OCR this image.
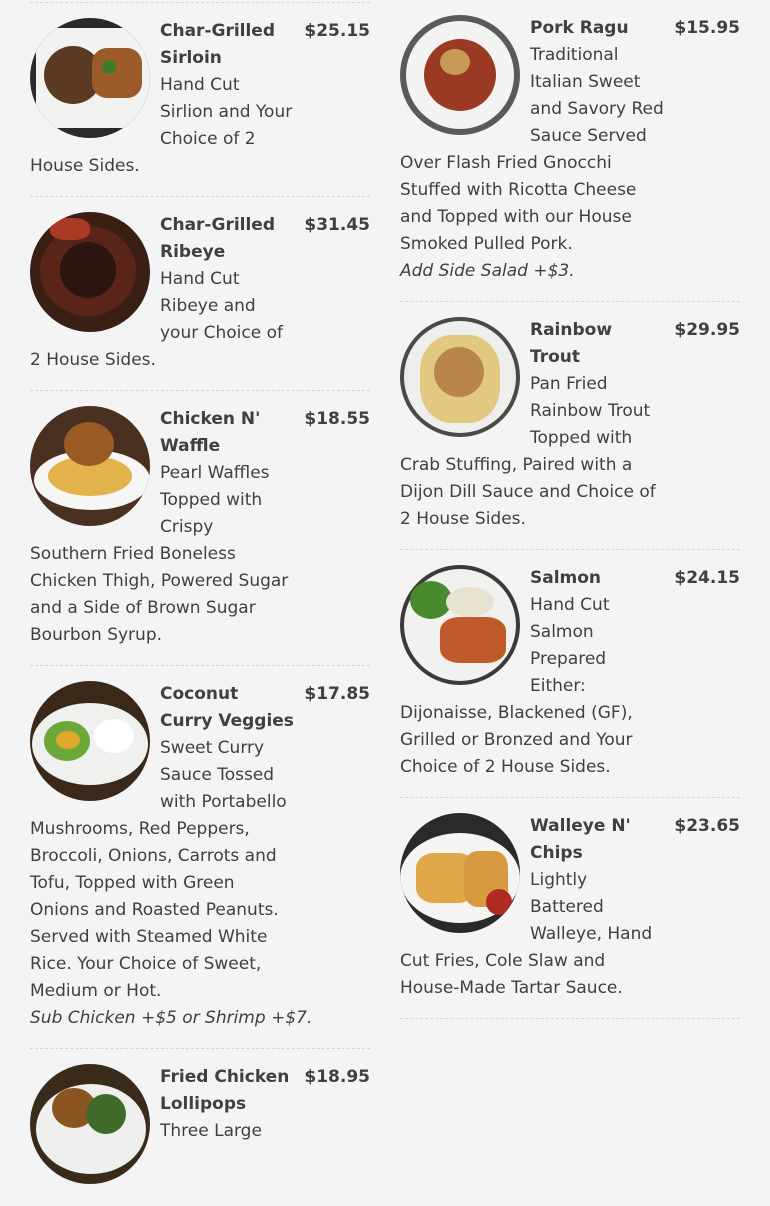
$25.15
Char-Grilled Sirloin
Hand Cut Sirlion and Your Choice of 2 House Sides.
$31.45
Char-Grilled Ribeye
Hand Cut Ribeye and your Choice of 2 House Sides.
$18.55
Chicken N' Waffle
Pearl Waffles Topped with Crispy Southern Fried Boneless Chicken Thigh, Powered Sugar and a Side of Brown Sugar Bourbon Syrup.
$17.85
Coconut Curry Veggies
Sweet Curry Sauce Tossed with Portabello Mushrooms, Red Peppers, Broccoli, Onions, Carrots and Tofu, Topped with Green Onions and Roasted Peanuts. Served with Steamed White Rice. Your Choice of Sweet, Medium or Hot.
Sub Chicken +$5 or Shrimp +$7.
$18.95
Fried Chicken Lollipops
Three Large
$15.95
Pork Ragu
Traditional Italian Sweet and Savory Red Sauce Served Over Flash Fried Gnocchi Stuffed with Ricotta Cheese and Topped with our House Smoked Pulled Pork.
Add Side Salad +$3.
$29.95
Rainbow Trout
Pan Fried Rainbow Trout Topped with Crab Stuffing, Paired with a Dijon Dill Sauce and Choice of 2 House Sides.
$24.15
Salmon
Hand Cut Salmon Prepared Either: Dijonaisse, Blackened (GF), Grilled or Bronzed and Your Choice of 2 House Sides.
$23.65
Walleye N' Chips
Lightly Battered Walleye, Hand Cut Fries, Cole Slaw and House-Made Tartar Sauce.
